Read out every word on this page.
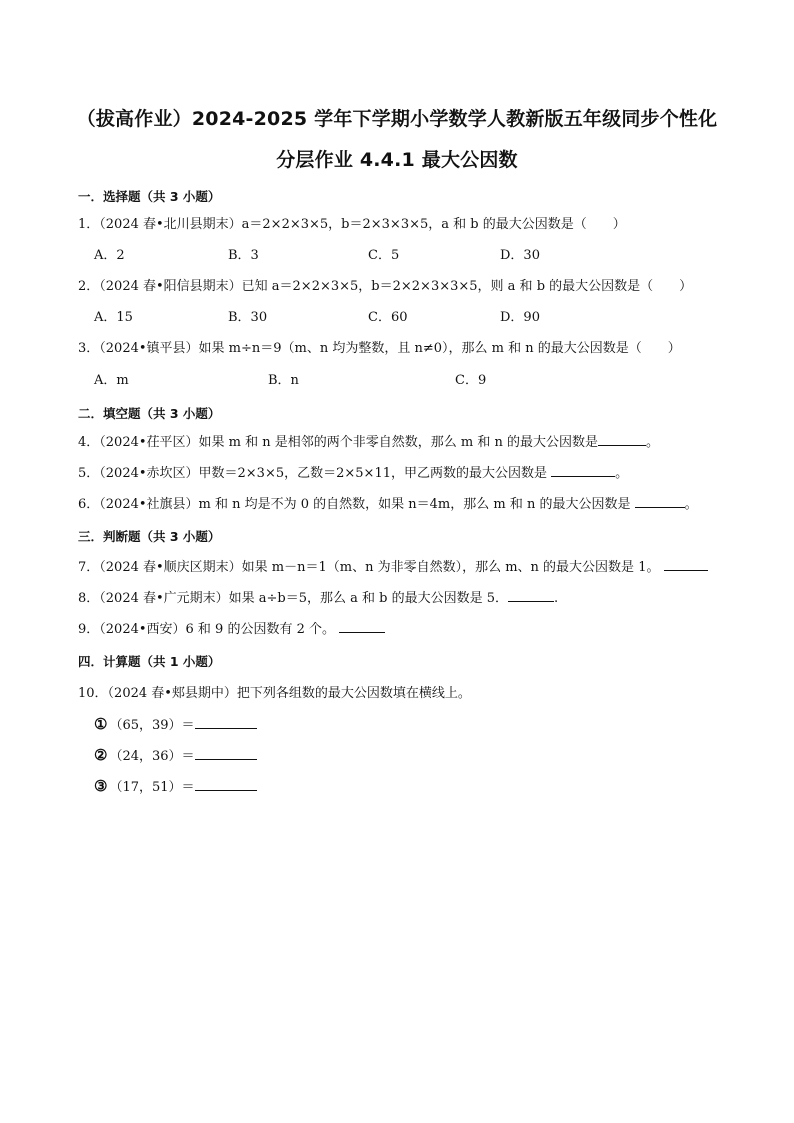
（拔高作业）2024-2025 学年下学期小学数学人教新版五年级同步个性化
分层作业 4.4.1 最大公因数
一．选择题（共 3 小题）
1．（2024 春•北川县期末）a＝2×2×3×5，b＝2×3×3×5，a 和 b 的最大公因数是（　　）
A．2	B．3	C．5	D．30
2．（2024 春•阳信县期末）已知 a＝2×2×3×5，b＝2×2×3×3×5，则 a 和 b 的最大公因数是（　　）
A．15	B．30	C．60	D．90
3．（2024•镇平县）如果 m÷n＝9（m、n 均为整数，且 n≠0），那么 m 和 n 的最大公因数是（　　）
A．m	B．n	C．9
二．填空题（共 3 小题）
4．（2024•茌平区）如果 m 和 n 是相邻的两个非零自然数，那么 m 和 n 的最大公因数是	。
5．（2024•赤坎区）甲数＝2×3×5，乙数＝2×5×11，甲乙两数的最大公因数是	。
6．（2024•社旗县）m 和 n 均是不为 0 的自然数，如果 n＝4m，那么 m 和 n 的最大公因数是	。
三．判断题（共 3 小题）
7．（2024 春•顺庆区期末）如果 m－n＝1（m、n 为非零自然数），那么 m、n 的最大公因数是 1。
8．（2024 春•广元期末）如果 a÷b＝5，那么 a 和 b 的最大公因数是 5．	.
9．（2024•西安）6 和 9 的公因数有 2 个。
四．计算题（共 1 小题）
10．（2024 春•郏县期中）把下列各组数的最大公因数填在横线上。
① （65，39）＝
② （24，36）＝
③ （17，51）＝
